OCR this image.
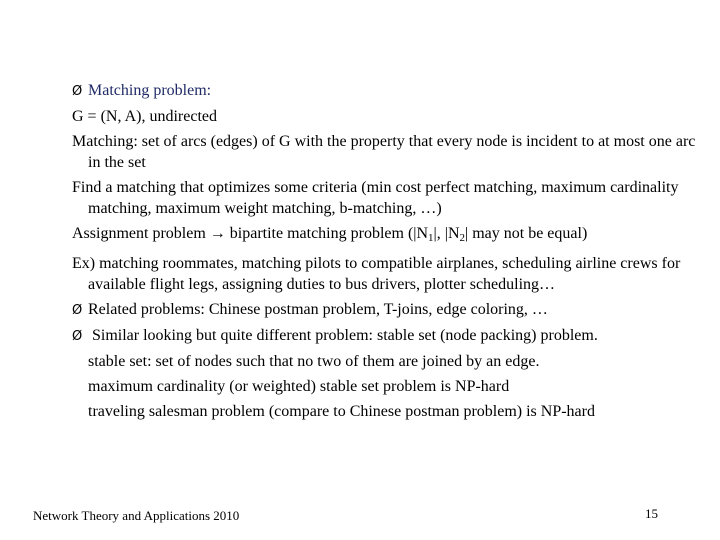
Ø Matching problem:

G = (N, A), undirected

Matching: set of arcs (edges) of G with the property that every node is incident to at most one arc in the set

Find a matching that optimizes some criteria (min cost perfect matching, maximum cardinality matching, maximum weight matching, b-matching, …)

Assignment problem → bipartite matching problem ($|N_1|$, $|N_2|$ may not be equal)

Ex) matching roommates, matching pilots to compatible airplanes, scheduling airline crews for available flight legs, assigning duties to bus drivers, plotter scheduling…

Ø Related problems: Chinese postman problem, T-joins, edge coloring, …

Ø Similar looking but quite different problem: stable set (node packing) problem.

stable set: set of nodes such that no two of them are joined by an edge.

maximum cardinality (or weighted) stable set problem is NP-hard

traveling salesman problem (compare to Chinese postman problem) is NP-hard

Network Theory and Applications 2010	15
